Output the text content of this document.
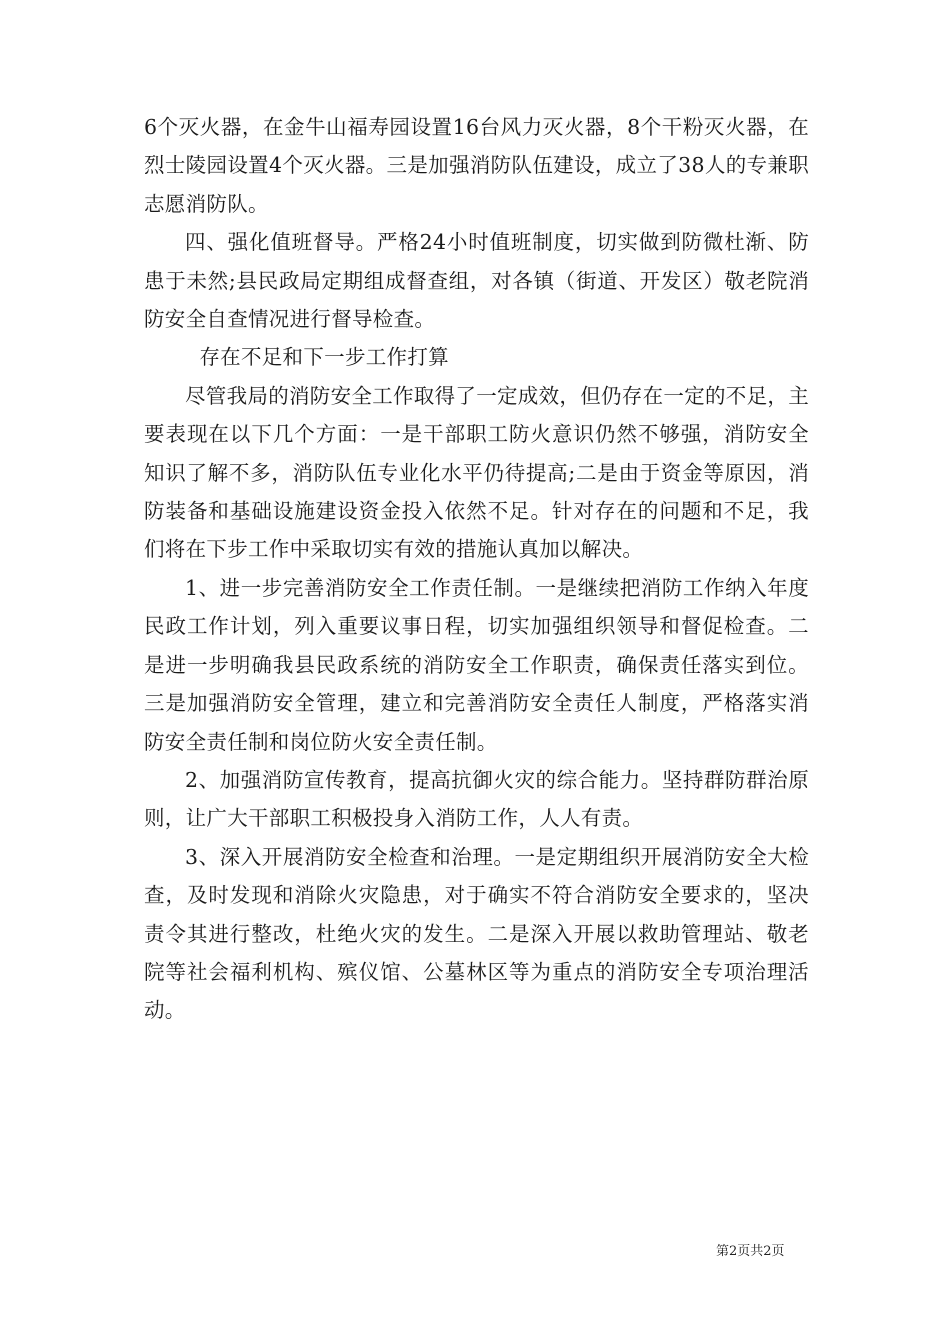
6个灭火器，在金牛山福寿园设置16台风力灭火器，8个干粉灭火器，在烈士陵园设置4个灭火器。三是加强消防队伍建设，成立了38人的专兼职志愿消防队。

四、强化值班督导。严格24小时值班制度，切实做到防微杜渐、防患于未然;县民政局定期组成督查组，对各镇（街道、开发区）敬老院消防安全自查情况进行督导检查。

存在不足和下一步工作打算

尽管我局的消防安全工作取得了一定成效，但仍存在一定的不足，主要表现在以下几个方面：一是干部职工防火意识仍然不够强，消防安全知识了解不多，消防队伍专业化水平仍待提高;二是由于资金等原因，消防装备和基础设施建设资金投入依然不足。针对存在的问题和不足，我们将在下步工作中采取切实有效的措施认真加以解决。

1、进一步完善消防安全工作责任制。一是继续把消防工作纳入年度民政工作计划，列入重要议事日程，切实加强组织领导和督促检查。二是进一步明确我县民政系统的消防安全工作职责，确保责任落实到位。三是加强消防安全管理，建立和完善消防安全责任人制度，严格落实消防安全责任制和岗位防火安全责任制。

2、加强消防宣传教育，提高抗御火灾的综合能力。坚持群防群治原则，让广大干部职工积极投身入消防工作，人人有责。

3、深入开展消防安全检查和治理。一是定期组织开展消防安全大检查，及时发现和消除火灾隐患，对于确实不符合消防安全要求的，坚决责令其进行整改，杜绝火灾的发生。二是深入开展以救助管理站、敬老院等社会福利机构、殡仪馆、公墓林区等为重点的消防安全专项治理活动。

第2页共2页
